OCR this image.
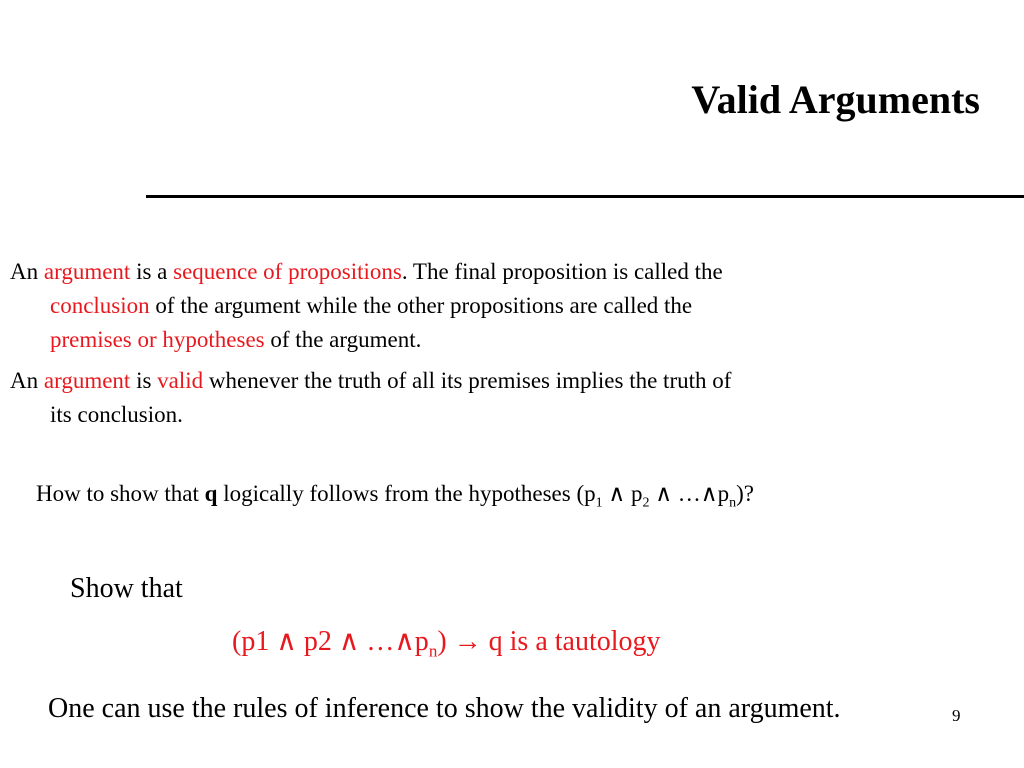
Valid Arguments
An argument is a sequence of propositions. The final proposition is called the
conclusion of the argument while the other propositions are called the
premises or hypotheses of the argument.
An argument is valid whenever the truth of all its premises implies the truth of
its conclusion.
How to show that q logically follows from the hypotheses ($p_1$ ∧ $p_2$ ∧ $\dots\wedge p_n$)?
Show that
(p1 ∧ p2 ∧ $\dots\wedge p_n) \to q$ is a tautology
One can use the rules of inference to show the validity of an argument.	9
